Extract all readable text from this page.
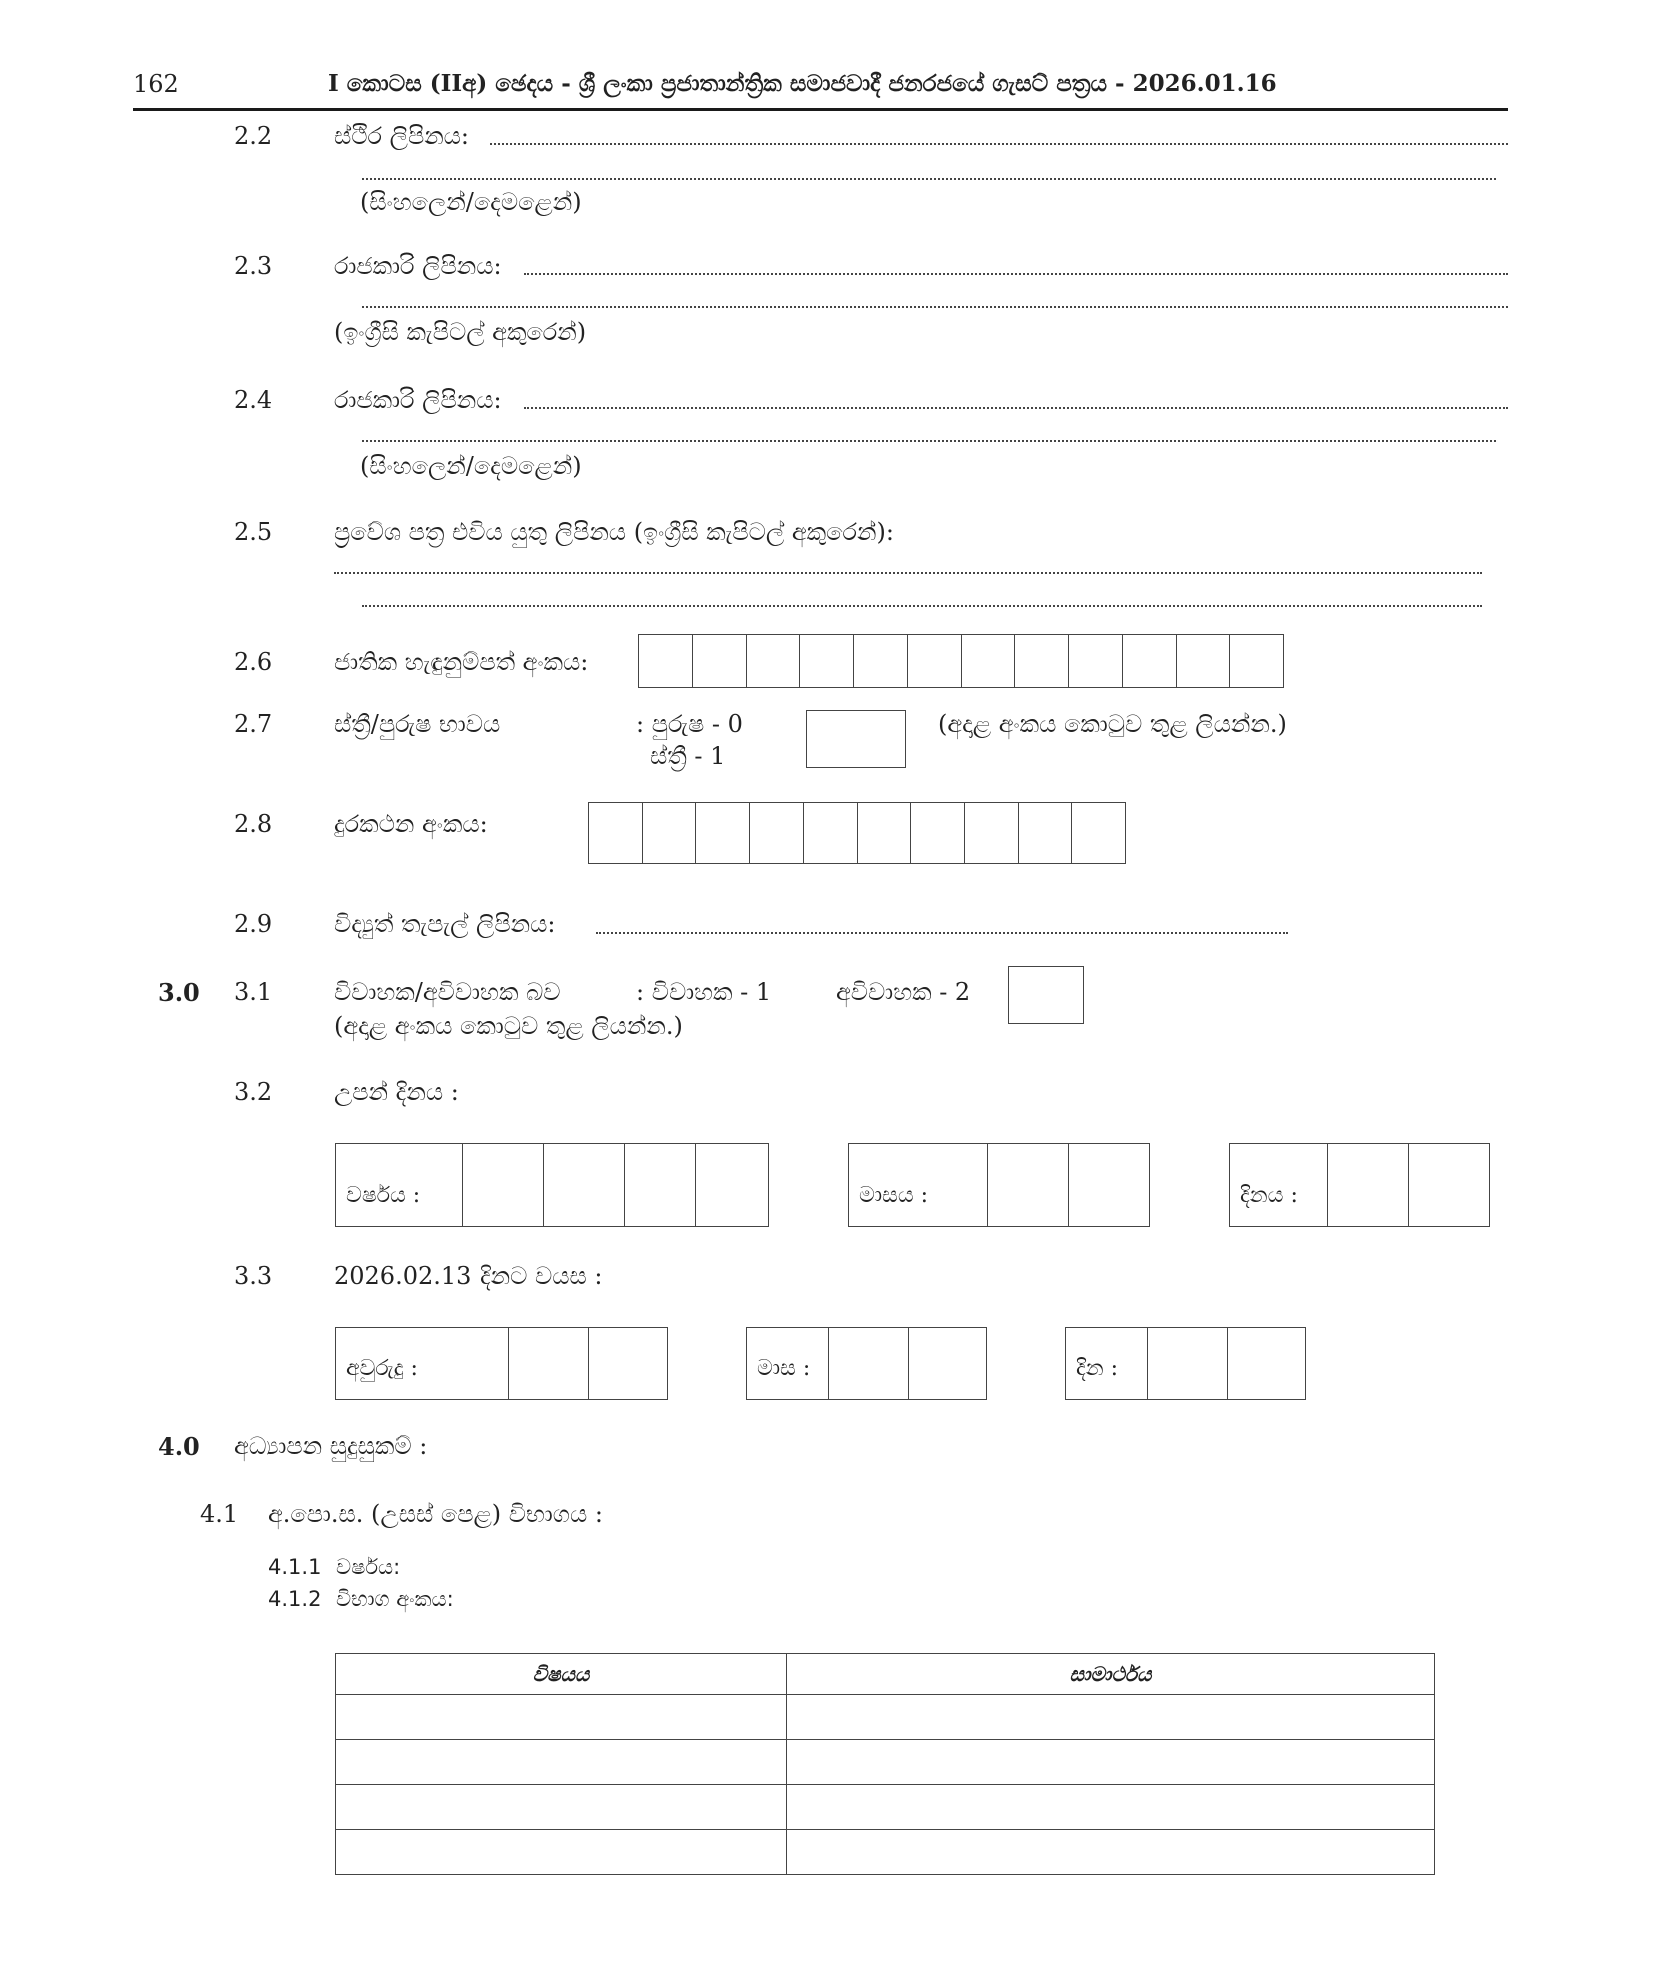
162	I කොටස (IIඅ) ඡෙදය - ශ්‍රී ලංකා ප්‍රජාතාන්ත්‍රික සමාජවාදී ජනරජයේ ගැසට් පත්‍රය - 2026.01.16
2.2	ස්ථිර ලිපිනය:
(සිංහලෙන්/දෙමළෙන්)
2.3	රාජකාරි ලිපිනය:
(ඉංග්‍රීසි කැපිටල් අකුරෙන්)
2.4	රාජකාරි ලිපිනය:
(සිංහලෙන්/දෙමළෙන්)
2.5	ප්‍රවේශ පත්‍ර එවිය යුතු ලිපිනය (ඉංග්‍රීසි කැපිටල් අකුරෙන්):
2.6	ජාතික හැඳුනුම්පත් අංකය:
2.7	ස්ත්‍රී/පුරුෂ භාවය	: පුරුෂ - 0
ස්ත්‍රී - 1
(අදාළ අංකය කොටුව තුළ ලියන්න.)
2.8	දුරකථන අංකය:
2.9	විද්‍යුත් තැපැල් ලිපිනය:
3.0 3.1	විවාහක/අවිවාහක බව	: විවාහක - 1	අවිවාහක - 2
(අදාළ අංකය කොටුව තුළ ලියන්න.)
3.2	උපන් දිනය :
වර්ෂය :	මාසය :	දිනය :
3.3	2026.02.13 දිනට වයස :
අවුරුදු :	මාස :	දින :
4.0 අධ්‍යාපන සුදුසුකම් :
4.1 අ.පො.ස. (උසස් පෙළ) විභාගය :
4.1.1 වර්ෂය:
4.1.2 විභාග අංකය:
විෂයය	සාමාර්ථය
